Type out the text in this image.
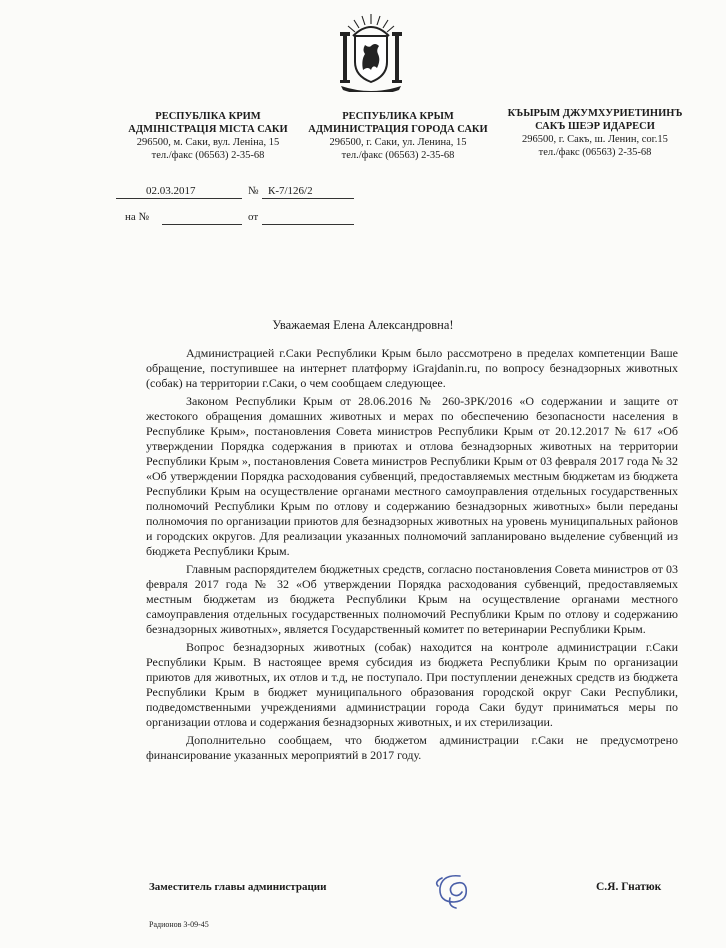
РЕСПУБЛІКА КРИМ
АДМІНІСТРАЦІЯ МІСТА САКИ
296500, м. Саки, вул. Леніна, 15
тел./факс (06563) 2-35-68
РЕСПУБЛИКА КРЫМ
АДМИНИСТРАЦИЯ ГОРОДА САКИ
296500, г. Саки, ул. Ленина, 15
тел./факс (06563) 2-35-68
КЪЫРЫМ ДЖУМХУРИЕТИНИНЪ
САКЪ ШЕЭР ИДАРЕСИ
296500, г. Сакъ, ш. Ленин, сог.15
тел./факс (06563) 2-35-68
02.03.2017	№ К-7/126/2
на №	от
Уважаемая Елена Александровна!

Администрацией г.Саки Республики Крым было рассмотрено в пределах компетенции Ваше обращение, поступившее на интернет платформу iGrajdanin.ru, по вопросу безнадзорных животных (собак) на территории г.Саки, о чем сообщаем следующее.

Законом Республики Крым от 28.06.2016 № 260-ЗРК/2016 «О содержании и защите от жестокого обращения домашних животных и мерах по обеспечению безопасности населения в Республике Крым», постановления Совета министров Республики Крым от 20.12.2017 № 617 «Об утверждении Порядка содержания в приютах и отлова безнадзорных животных на территории Республики Крым », постановления Совета министров Республики Крым от 03 февраля 2017 года № 32 «Об утверждении Порядка расходования субвенций, предоставляемых местным бюджетам из бюджета Республики Крым на осуществление органами местного самоуправления отдельных государственных полномочий Республики Крым по отлову и содержанию безнадзорных животных» были переданы полномочия по организации приютов для безнадзорных животных на уровень муниципальных районов и городских округов. Для реализации указанных полномочий запланировано выделение субвенций из бюджета Республики Крым.

Главным распорядителем бюджетных средств, согласно постановления Совета министров от 03 февраля 2017 года № 32 «Об утверждении Порядка расходования субвенций, предоставляемых местным бюджетам из бюджета Республики Крым на осуществление органами местного самоуправления отдельных государственных полномочий Республики Крым по отлову и содержанию безнадзорных животных», является Государственный комитет по ветеринарии Республики Крым.

Вопрос безнадзорных животных (собак) находится на контроле администрации г.Саки Республики Крым. В настоящее время субсидия из бюджета Республики Крым по организации приютов для животных, их отлов и т.д, не поступало. При поступлении денежных средств из бюджета Республики Крым в бюджет муниципального образования городской округ Саки Республики, подведомственными учреждениями администрации города Саки будут приниматься меры по организации отлова и содержания безнадзорных животных, и их стерилизации.

Дополнительно сообщаем, что бюджетом администрации г.Саки не предусмотрено финансирование указанных мероприятий в 2017 году.

Заместитель главы администрации	С.Я. Гнатюк
Радионов 3-09-45
